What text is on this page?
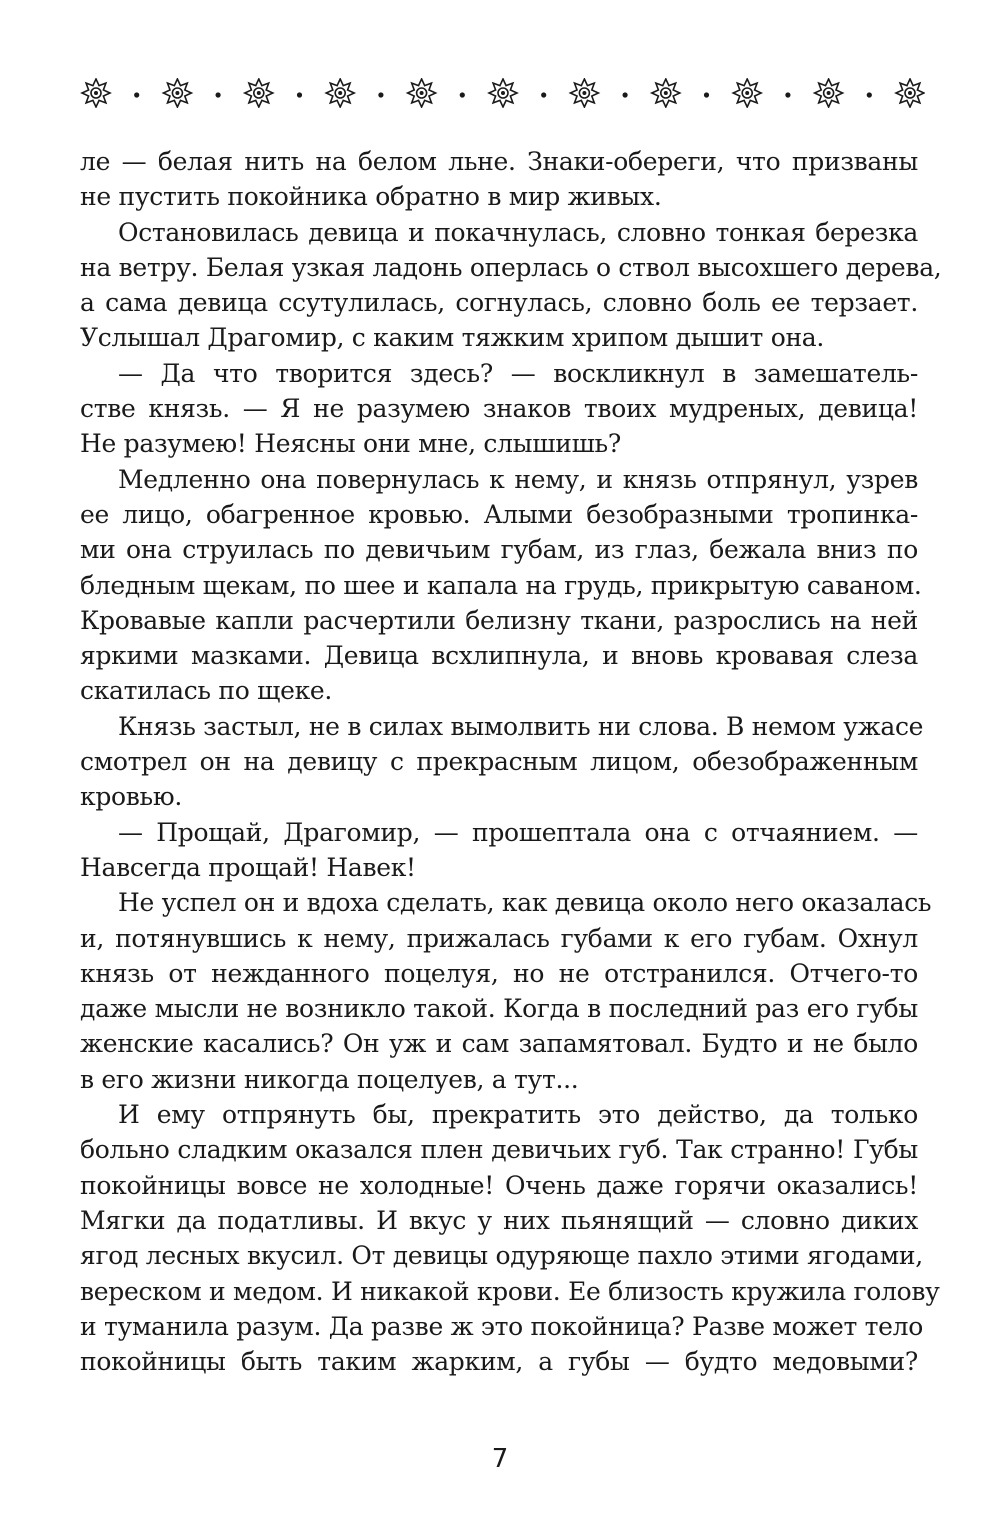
ле — белая нить на белом льне. Знаки-обереги, что призваны
не пустить покойника обратно в мир живых.
Остановилась девица и покачнулась, словно тонкая березка
на ветру. Белая узкая ладонь оперлась о ствол высохшего дерева,
а сама девица ссутулилась, согнулась, словно боль ее терзает.
Услышал Драгомир, с каким тяжким хрипом дышит она.
— Да что творится здесь? — воскликнул в замешатель-
стве князь. — Я не разумею знаков твоих мудреных, девица!
Не разумею! Неясны они мне, слышишь?
Медленно она повернулась к нему, и князь отпрянул, узрев
ее лицо, обагренное кровью. Алыми безобразными тропинка-
ми она струилась по девичьим губам, из глаз, бежала вниз по
бледным щекам, по шее и капала на грудь, прикрытую саваном.
Кровавые капли расчертили белизну ткани, разрослись на ней
яркими мазками. Девица всхлипнула, и вновь кровавая слеза
скатилась по щеке.
Князь застыл, не в силах вымолвить ни слова. В немом ужасе
смотрел он на девицу с прекрасным лицом, обезображенным
кровью.
— Прощай, Драгомир, — прошептала она с отчаянием. —
Навсегда прощай! Навек!
Не успел он и вдоха сделать, как девица около него оказалась
и, потянувшись к нему, прижалась губами к его губам. Охнул
князь от нежданного поцелуя, но не отстранился. Отчего-то
даже мысли не возникло такой. Когда в последний раз его губы
женские касались? Он уж и сам запамятовал. Будто и не было
в его жизни никогда поцелуев, а тут...
И ему отпрянуть бы, прекратить это действо, да только
больно сладким оказался плен девичьих губ. Так странно! Губы
покойницы вовсе не холодные! Очень даже горячи оказались!
Мягки да податливы. И вкус у них пьянящий — словно диких
ягод лесных вкусил. От девицы одуряюще пахло этими ягодами,
вереском и медом. И никакой крови. Ее близость кружила голову
и туманила разум. Да разве ж это покойница? Разве может тело
покойницы быть таким жарким, а губы — будто медовыми?
7
